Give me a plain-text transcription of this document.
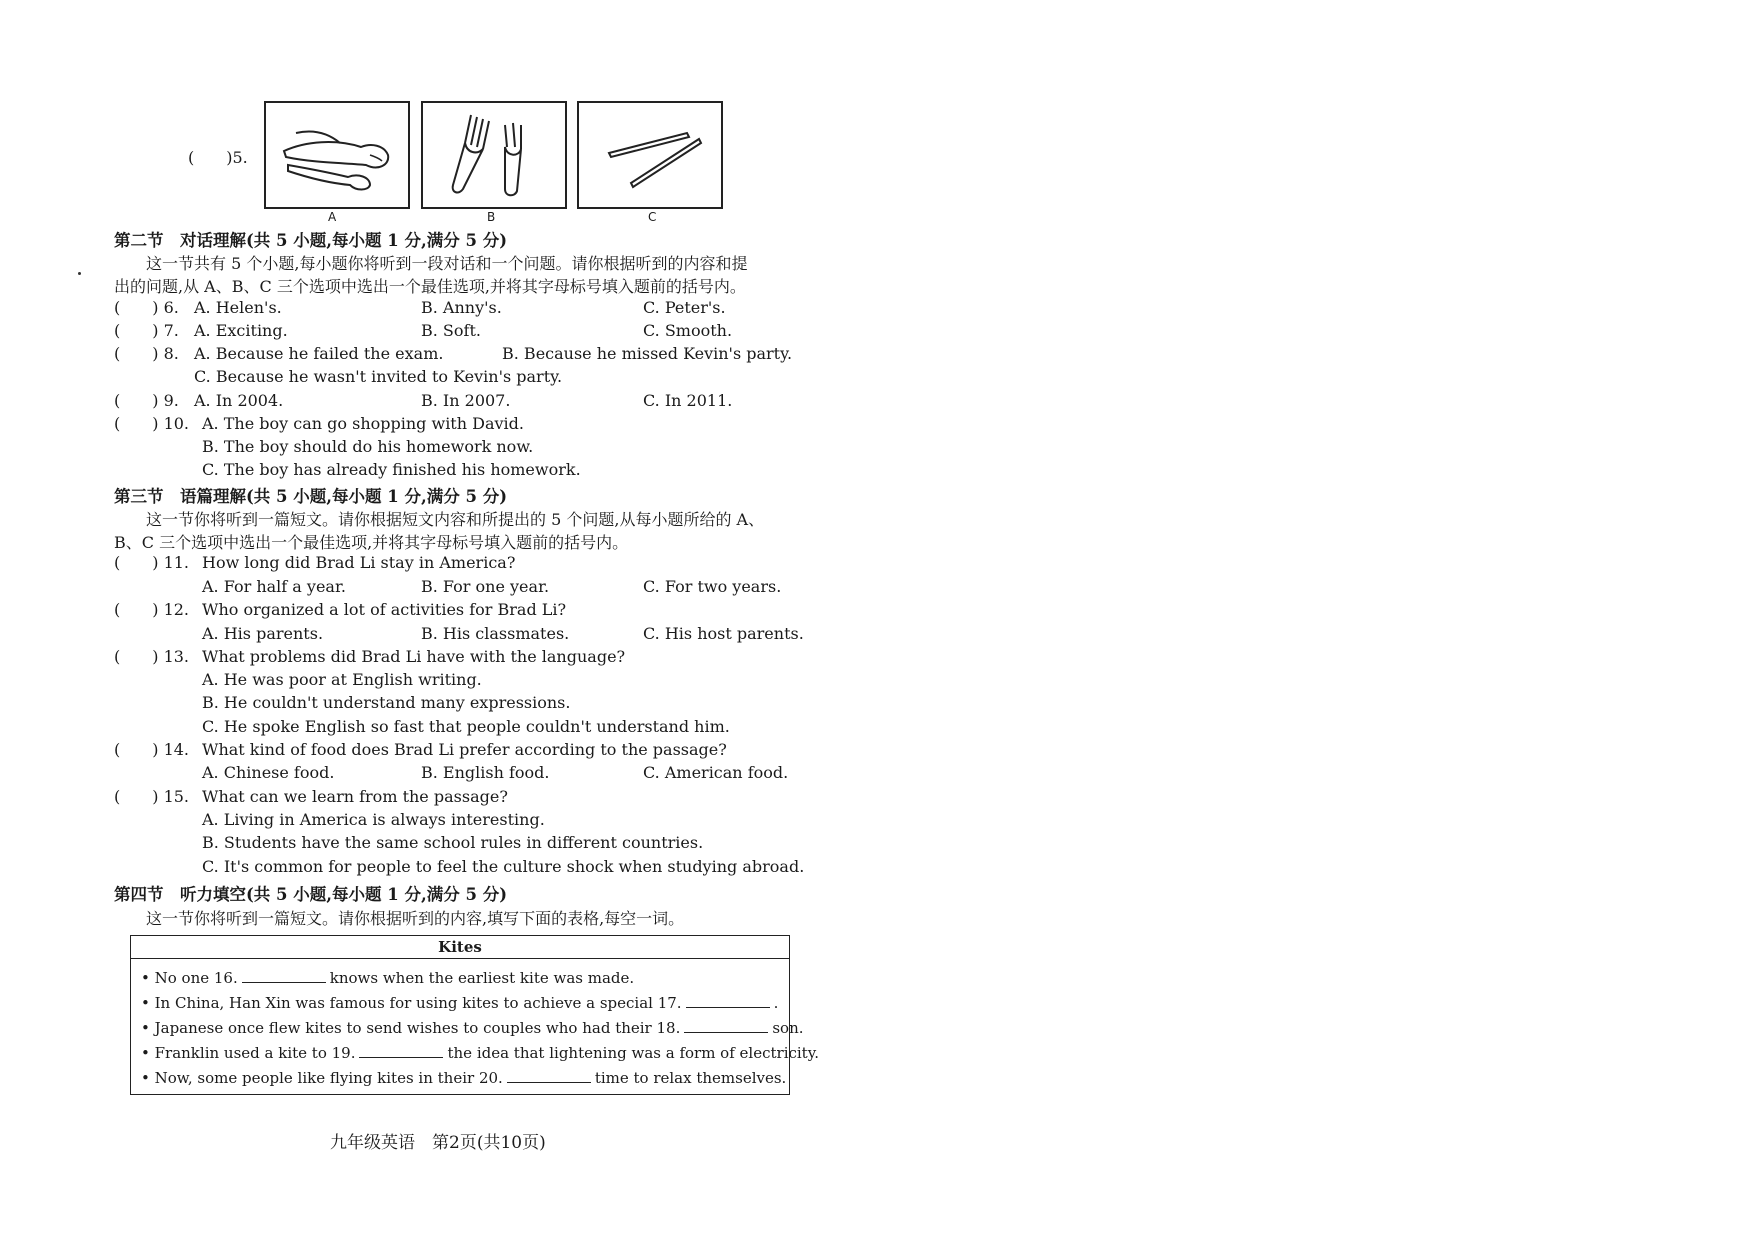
(　　)5.
A	B	C
第二节　对话理解(共 5 小题,每小题 1 分,满分 5 分)
这一节共有 5 个小题,每小题你将听到一段对话和一个问题。请你根据听到的内容和提
出的问题,从 A、B、C 三个选项中选出一个最佳选项,并将其字母标号填入题前的括号内。
(　　) 6. A. Helen's.	B. Anny's.	C. Peter's.
(　　) 7. A. Exciting.	B. Soft.	C. Smooth.
(　　) 8. A. Because he failed the exam.	B. Because he missed Kevin's party.
C. Because he wasn't invited to Kevin's party.
(　　) 9. A. In 2004.	B. In 2007.	C. In 2011.
(　　) 10. A. The boy can go shopping with David.
B. The boy should do his homework now.
C. The boy has already finished his homework.
第三节　语篇理解(共 5 小题,每小题 1 分,满分 5 分)
这一节你将听到一篇短文。请你根据短文内容和所提出的 5 个问题,从每小题所给的 A、
B、C 三个选项中选出一个最佳选项,并将其字母标号填入题前的括号内。
(　　) 11. How long did Brad Li stay in America?
A. For half a year.	B. For one year.	C. For two years.
(　　) 12. Who organized a lot of activities for Brad Li?
A. His parents.	B. His classmates.	C. His host parents.
(　　) 13. What problems did Brad Li have with the language?
A. He was poor at English writing.
B. He couldn't understand many expressions.
C. He spoke English so fast that people couldn't understand him.
(　　) 14. What kind of food does Brad Li prefer according to the passage?
A. Chinese food.	B. English food.	C. American food.
(　　) 15. What can we learn from the passage?
A. Living in America is always interesting.
B. Students have the same school rules in different countries.
C. It's common for people to feel the culture shock when studying abroad.
第四节　听力填空(共 5 小题,每小题 1 分,满分 5 分)
这一节你将听到一篇短文。请你根据听到的内容,填写下面的表格,每空一词。
Kites
• No one 16.	knows when the earliest kite was made.
• In China, Han Xin was famous for using kites to achieve a special 17.	.
• Japanese once flew kites to send wishes to couples who had their 18.	son.
• Franklin used a kite to 19.	the idea that lightening was a form of electricity.
• Now, some people like flying kites in their 20.	time to relax themselves.
九年级英语　第2页(共10页)
